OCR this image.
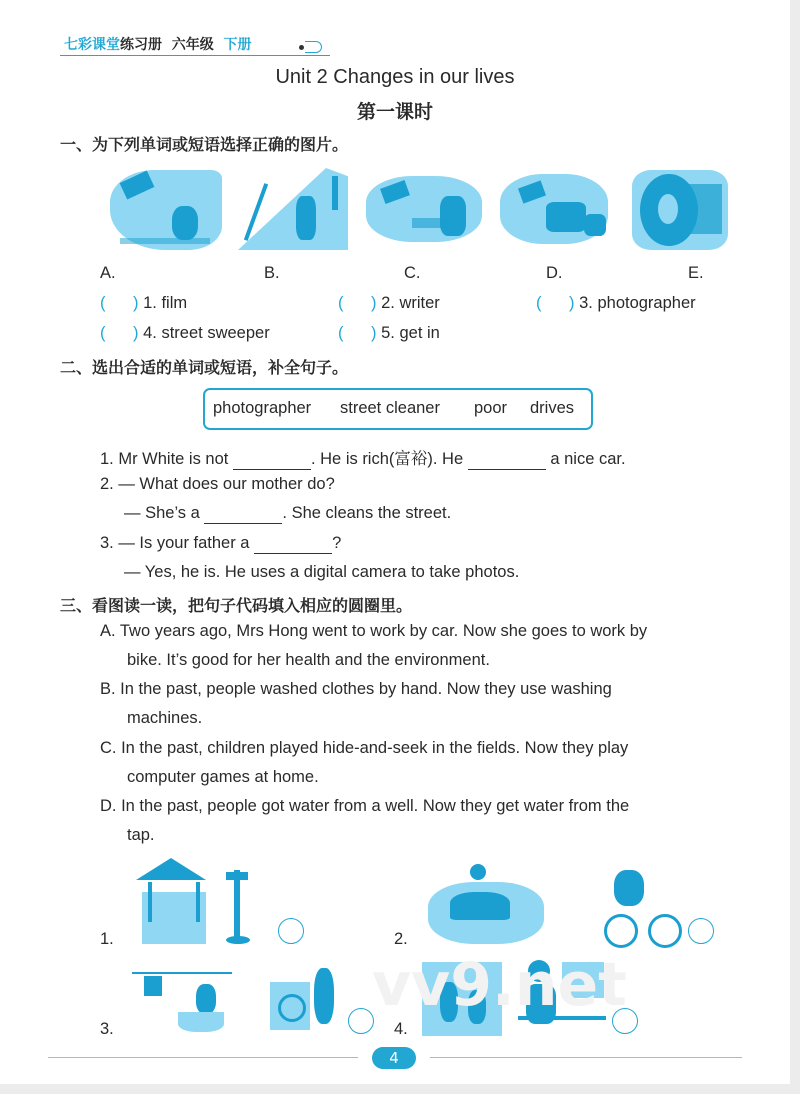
七彩课堂练习册 六年级 下册
Unit 2 Changes in our lives
第一课时
一、为下列单词或短语选择正确的图片。
A.	B.	C.	D.	E.
( ) 1. film	( ) 2. writer	( ) 3. photographer
( ) 4. street sweeper	( ) 5. get in
二、选出合适的单词或短语，补全句子。
photographer street cleaner poor drives
1. Mr White is not	. He is rich(富裕). He	a nice car.
2. — What does our mother do?
— She’s a	. She cleans the street.
3. — Is your father a	?
— Yes, he is. He uses a digital camera to take photos.
三、看图读一读，把句子代码填入相应的圆圈里。
A. Two years ago, Mrs Hong went to work by car. Now she goes to work by
bike. It’s good for her health and the environment.
B. In the past, people washed clothes by hand. Now they use washing
machines.
C. In the past, children played hide-and-seek in the fields. Now they play
computer games at home.
D. In the past, people got water from a well. Now they get water from the
tap.
1.	2.
3.	4.
vv9.net
4
